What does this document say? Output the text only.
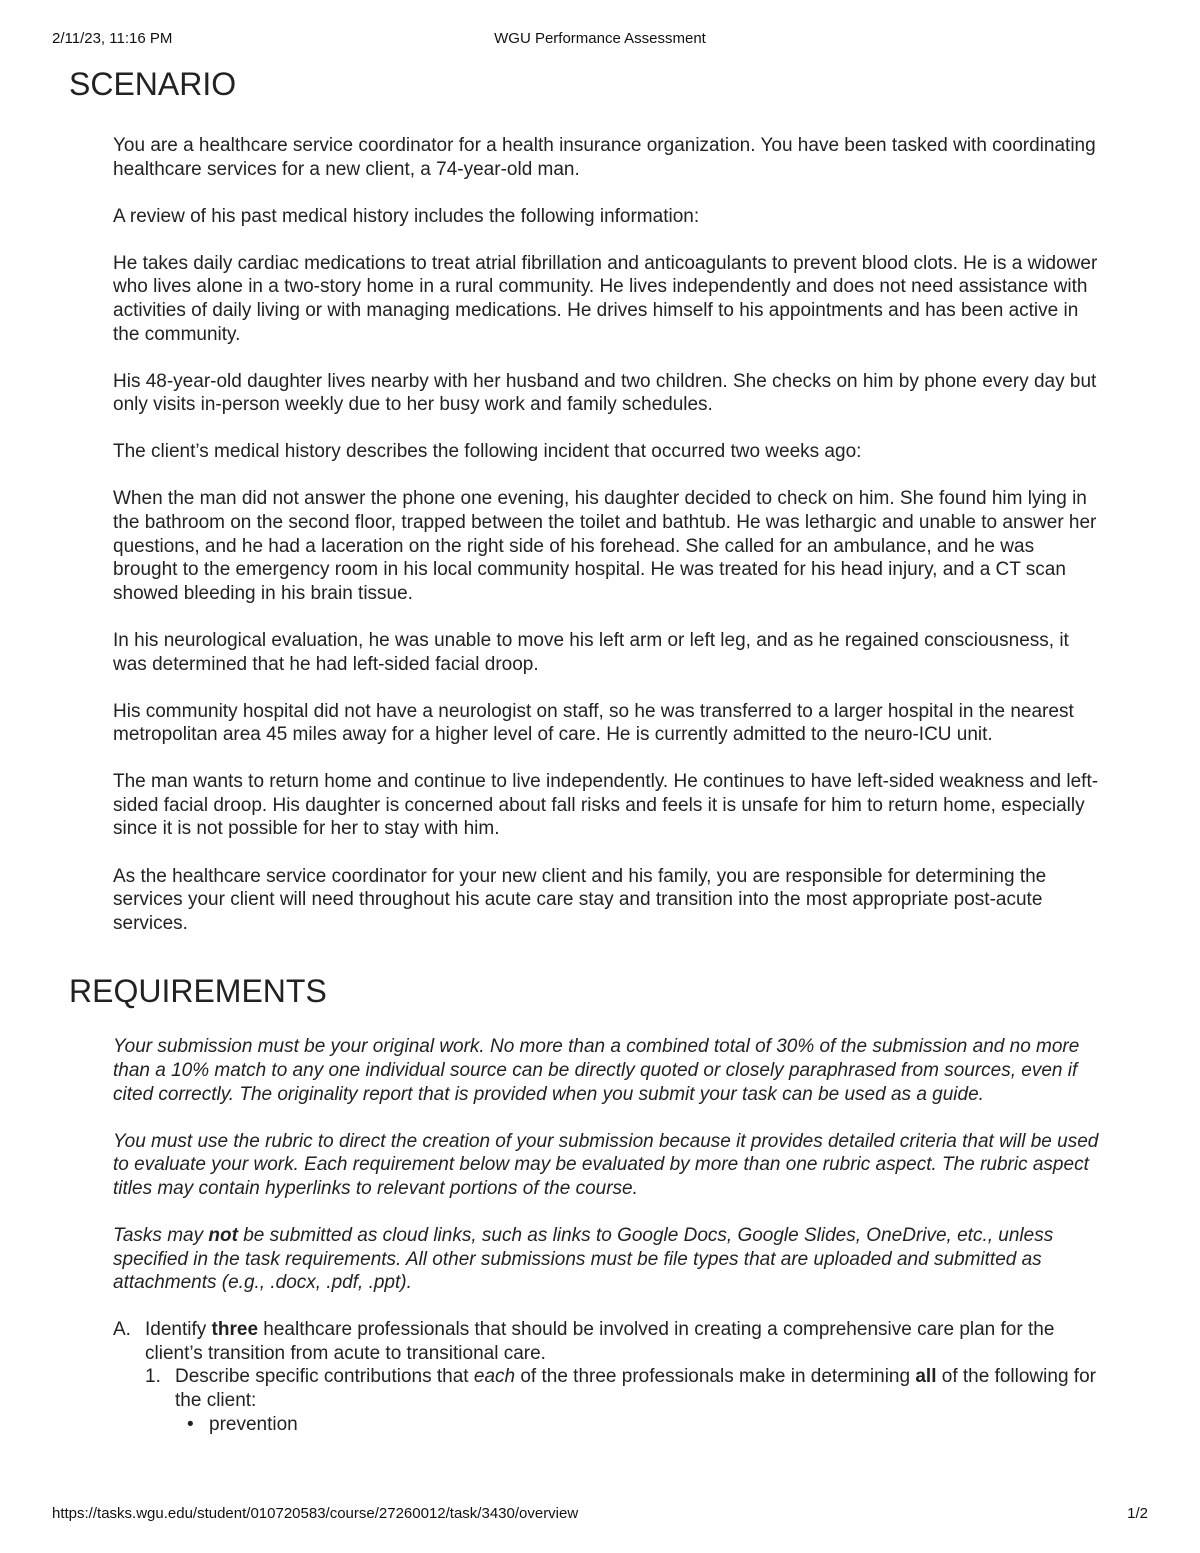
2/11/23, 11:16 PM	WGU Performance Assessment
SCENARIO

You are a healthcare service coordinator for a health insurance organization. You have been tasked with coordinating healthcare services for a new client, a 74-year-old man.

A review of his past medical history includes the following information:

He takes daily cardiac medications to treat atrial fibrillation and anticoagulants to prevent blood clots. He is a widower who lives alone in a two-story home in a rural community. He lives independently and does not need assistance with activities of daily living or with managing medications. He drives himself to his appointments and has been active in the community.

His 48-year-old daughter lives nearby with her husband and two children. She checks on him by phone every day but only visits in-person weekly due to her busy work and family schedules.

The client’s medical history describes the following incident that occurred two weeks ago:

When the man did not answer the phone one evening, his daughter decided to check on him. She found him lying in the bathroom on the second floor, trapped between the toilet and bathtub. He was lethargic and unable to answer her questions, and he had a laceration on the right side of his forehead. She called for an ambulance, and he was brought to the emergency room in his local community hospital. He was treated for his head injury, and a CT scan showed bleeding in his brain tissue.

In his neurological evaluation, he was unable to move his left arm or left leg, and as he regained consciousness, it was determined that he had left-sided facial droop.

His community hospital did not have a neurologist on staff, so he was transferred to a larger hospital in the nearest metropolitan area 45 miles away for a higher level of care. He is currently admitted to the neuro-ICU unit.

The man wants to return home and continue to live independently. He continues to have left-sided weakness and left-sided facial droop. His daughter is concerned about fall risks and feels it is unsafe for him to return home, especially since it is not possible for her to stay with him.

As the healthcare service coordinator for your new client and his family, you are responsible for determining the services your client will need throughout his acute care stay and transition into the most appropriate post-acute services.

REQUIREMENTS

Your submission must be your original work. No more than a combined total of 30% of the submission and no more than a 10% match to any one individual source can be directly quoted or closely paraphrased from sources, even if cited correctly. The originality report that is provided when you submit your task can be used as a guide.

You must use the rubric to direct the creation of your submission because it provides detailed criteria that will be used to evaluate your work. Each requirement below may be evaluated by more than one rubric aspect. The rubric aspect titles may contain hyperlinks to relevant portions of the course.

Tasks may not be submitted as cloud links, such as links to Google Docs, Google Slides, OneDrive, etc., unless specified in the task requirements. All other submissions must be file types that are uploaded and submitted as attachments (e.g., .docx, .pdf, .ppt).

A. Identify three healthcare professionals that should be involved in creating a comprehensive care plan for the client’s transition from acute to transitional care.
1. Describe specific contributions that each of the three professionals make in determining all of the following for the client:
• prevention
https://tasks.wgu.edu/student/010720583/course/27260012/task/3430/overview	1/2
